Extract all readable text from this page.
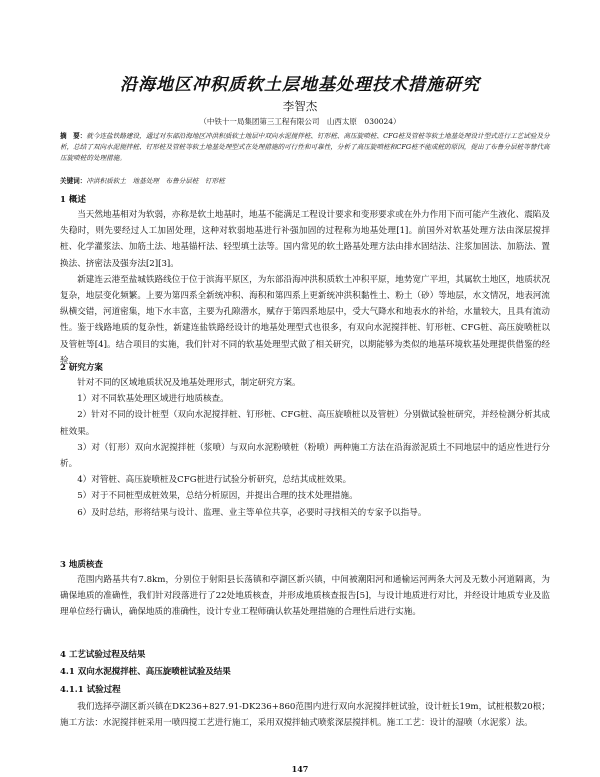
沿海地区冲积质软土层地基处理技术措施研究
李智杰
（中铁十一局集团第三工程有限公司　山西太原　030024）
摘　要：就今连盐铁路建设，通过对东部沿海地区冲洪积质软土地层中双向水泥搅拌桩、钉形桩、高压旋喷桩、CFG桩及管桩等软土地基处理设计型式进行工艺试验及分析，总结了双向水泥搅拌桩、钉形桩及管桩等软土地基处理型式在处理措施的可行性和可靠性，分析了高压旋喷桩和CFG桩不能成桩的原因，提出了布鲁分层桩等替代高压旋喷桩的处理措施。
关键词：冲洪积质软土　地基处理　布鲁分层桩　钉形桩
1 概述

当天然地基相对为软弱，亦称是软土地基时，地基不能满足工程设计要求和变形要求或在外力作用下而可能产生液化、震陷及失稳时，则先要经过人工加固处理，这种对软弱地基进行补强加固的过程称为地基处理[1]。前国外对软基处理方法由深层搅拌桩、化学灌浆法、加筋土法、地基锚杆法、轻型填土法等。国内常见的软土路基处理方法由排水固结法、注浆加固法、加筋法、置换法、挤密法及强夯法[2][3]。

新建连云港至盐城铁路线位于位于滨海平原区，为东部沿海冲洪积质软土冲积平原，地势宽广平坦，其属软土地区，地质状况复杂，地层变化频繁。上要为第四系全新统冲积、海积和第四系上更新统冲洪积黏性土、粉土（砂）等地层，水文情况，地表河流纵横交错，河道密集，地下水丰富，主要为孔隙潜水，赋存于第四系地层中，受大气降水和地表水的补给，水量较大，且具有流动性。鉴于线路地质的复杂性，新建连盐铁路经设计的地基处理型式也很多，有双向水泥搅拌桩、钉形桩、CFG桩、高压旋喷桩以及管桩等[4]。结合项目的实施，我们针对不同的软基处理型式做了相关研究，以期能够为类似的地基环境软基处理提供借鉴的经验。

2 研究方案

针对不同的区域地质状况及地基处理形式，制定研究方案。

1）对不同软基处理区域进行地质核查。

2）针对不同的设计桩型（双向水泥搅拌桩、钉形桩、CFG桩、高压旋喷桩以及管桩）分别做试验桩研究，并经检测分析其成桩效果。

3）对（钉形）双向水泥搅拌桩（浆喷）与双向水泥粉喷桩（粉喷）两种施工方法在沿海淤泥质土不同地层中的适应性进行分析。

4）对管桩、高压旋喷桩及CFG桩进行试验分析研究，总结其成桩效果。

5）对于不同桩型成桩效果，总结分析原因，并提出合理的技术处理措施。

6）及时总结，形将结果与设计、监理、业主等单位共享，必要时寻找相关的专家予以指导。

3 地质核查

范围内路基共有7.8km，分别位于射阳县长荡镇和亭湖区新兴镇，中间被潮阳河和通榆运河两条大河及无数小河道隔离，为确保地质的准确性，我们针对段落进行了22处地质核查，并形成地质核查报告[5]，与设计地质进行对比，并经设计地质专业及监理单位经行确认，确保地质的准确性，设计专业工程师确认软基处理措施的合理性后进行实施。

4 工艺试验过程及结果
4.1 双向水泥搅拌桩、高压旋喷桩试验及结果
4.1.1 试验过程

我们选择亭湖区新兴镇在DK236+827.91-DK236+860范围内进行双向水泥搅拌桩试验，设计桩长19m，试桩根数20根；施工方法：水泥搅拌桩采用一喷四搅工艺进行施工，采用双搅拌轴式喷浆深层搅拌机。施工工艺：设计的湿喷（水泥浆）法。

147
